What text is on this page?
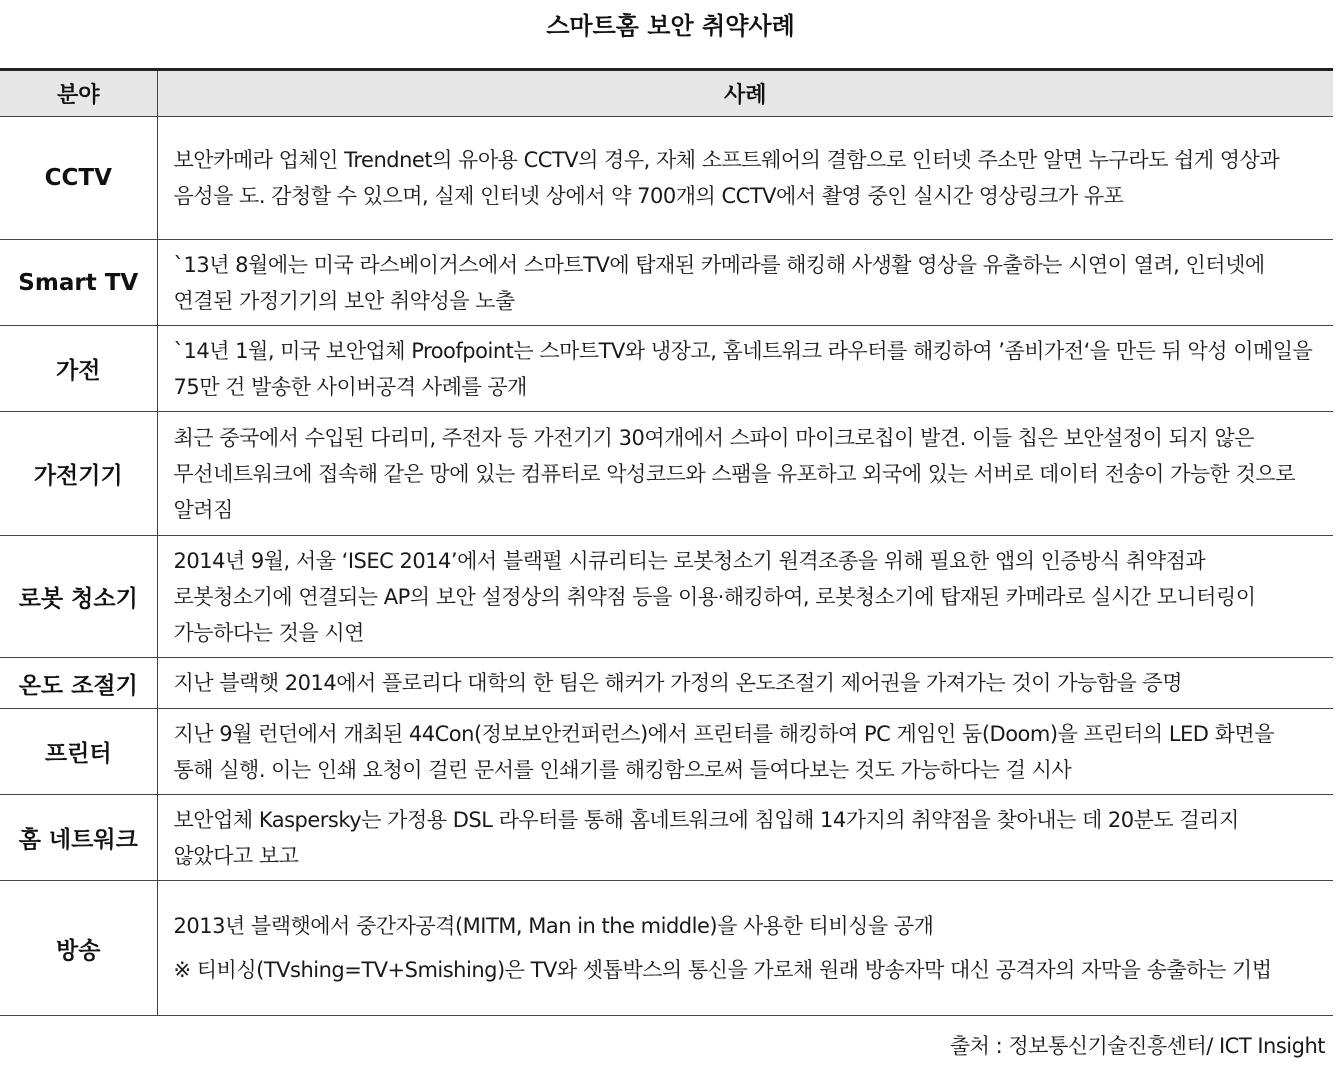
스마트홈 보안 취약사례
분야	사례
CCTV	보안카메라 업체인 Trendnet의 유아용 CCTV의 경우, 자체 소프트웨어의 결함으로 인터넷 주소만 알면 누구라도 쉽게 영상과 음성을 도. 감청할 수 있으며, 실제 인터넷 상에서 약 700개의 CCTV에서 촬영 중인 실시간 영상링크가 유포

Smart TV	`13년 8월에는 미국 라스베이거스에서 스마트TV에 탑재된 카메라를 해킹해 사생활 영상을 유출하는 시연이 열려, 인터넷에 연결된 가정기기의 보안 취약성을 노출

가전	`14년 1월, 미국 보안업체 Proofpoint는 스마트TV와 냉장고, 홈네트워크 라우터를 해킹하여 ’좀비가전‘을 만든 뒤 악성 이메일을 75만 건 발송한 사이버공격 사례를 공개

가전기기	최근 중국에서 수입된 다리미, 주전자 등 가전기기 30여개에서 스파이 마이크로칩이 발견. 이들 칩은 보안설정이 되지 않은 무선네트워크에 접속해 같은 망에 있는 컴퓨터로 악성코드와 스팸을 유포하고 외국에 있는 서버로 데이터 전송이 가능한 것으로 알려짐

로봇 청소기	2014년 9월, 서울 ‘ISEC 2014’에서 블랙펄 시큐리티는 로봇청소기 원격조종을 위해 필요한 앱의 인증방식 취약점과 로봇청소기에 연결되는 AP의 보안 설정상의 취약점 등을 이용·해킹하여, 로봇청소기에 탑재된 카메라로 실시간 모니터링이 가능하다는 것을 시연

온도 조절기	지난 블랙햇 2014에서 플로리다 대학의 한 팀은 해커가 가정의 온도조절기 제어권을 가져가는 것이 가능함을 증명

프린터	지난 9월 런던에서 개최된 44Con(정보보안컨퍼런스)에서 프린터를 해킹하여 PC 게임인 둠(Doom)을 프린터의 LED 화면을 통해 실행. 이는 인쇄 요청이 걸린 문서를 인쇄기를 해킹함으로써 들여다보는 것도 가능하다는 걸 시사

홈 네트워크	보안업체 Kaspersky는 가정용 DSL 라우터를 통해 홈네트워크에 침입해 14가지의 취약점을 찾아내는 데 20분도 걸리지 않았다고 보고

방송	2013년 블랙햇에서 중간자공격(MITM, Man in the middle)을 사용한 티비싱을 공개

※ 티비싱(TVshing=TV+Smishing)은 TV와 셋톱박스의 통신을 가로채 원래 방송자막 대신 공격자의 자막을 송출하는 기법

출처 : 정보통신기술진흥센터/ ICT Insight
